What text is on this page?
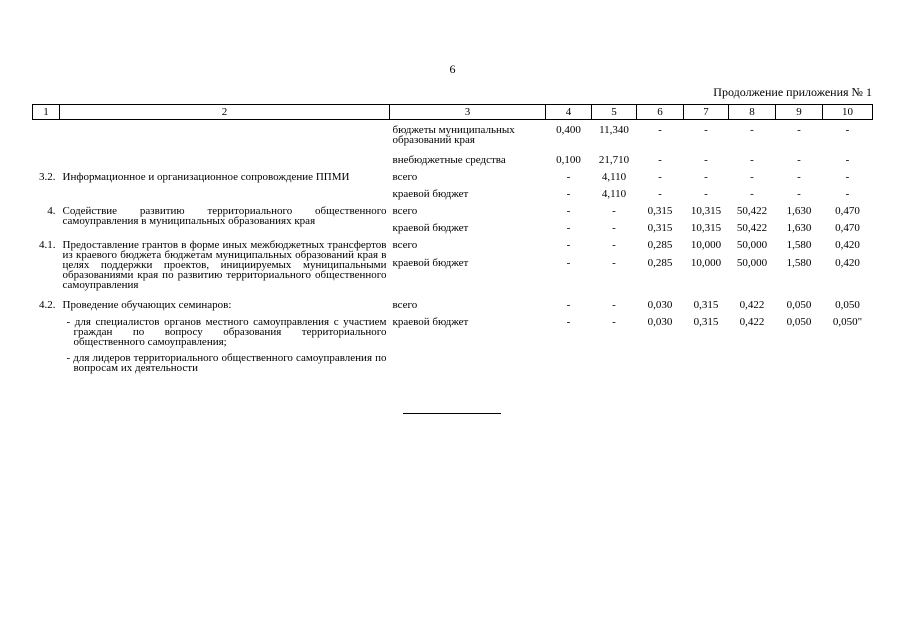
6
Продолжение приложения № 1
1	2	3	4	5	6	7	8	9	10

		бюджеты муниципальных образований края	0,400	11,340	-	-	-	-	-
		внебюджетные средства	0,100	21,710	-	-	-	-	-
3.2.	Информационное и организационное сопровождение ППМИ	всего	-	4,110	-	-	-	-	-
		краевой бюджет	-	4,110	-	-	-	-	-
4.	Содействие развитию территориального общественного самоуправления в муниципальных образованиях края	всего	-	-	0,315	10,315	50,422	1,630	0,470
		краевой бюджет	-	-	0,315	10,315	50,422	1,630	0,470
4.1.	Предоставление грантов в форме иных межбюджетных трансфертов из краевого бюджета бюджетам муниципальных образований края в целях поддержки проектов, инициируемых муниципальными образованиями края по развитию территориального общественного самоуправления	всего	-	-	0,285	10,000	50,000	1,580	0,420
		краевой бюджет	-	-	0,285	10,000	50,000	1,580	0,420
4.2.	Проведение обучающих семинаров:	всего	-	-	0,030	0,315	0,422	0,050	0,050
	- для специалистов органов местного самоуправления с участием граждан по вопросу образования территориального общественного самоуправления;	краевой бюджет	-	-	0,030	0,315	0,422	0,050	0,050"
	- для лидеров территориального общественного самоуправления по вопросам их деятельности								
